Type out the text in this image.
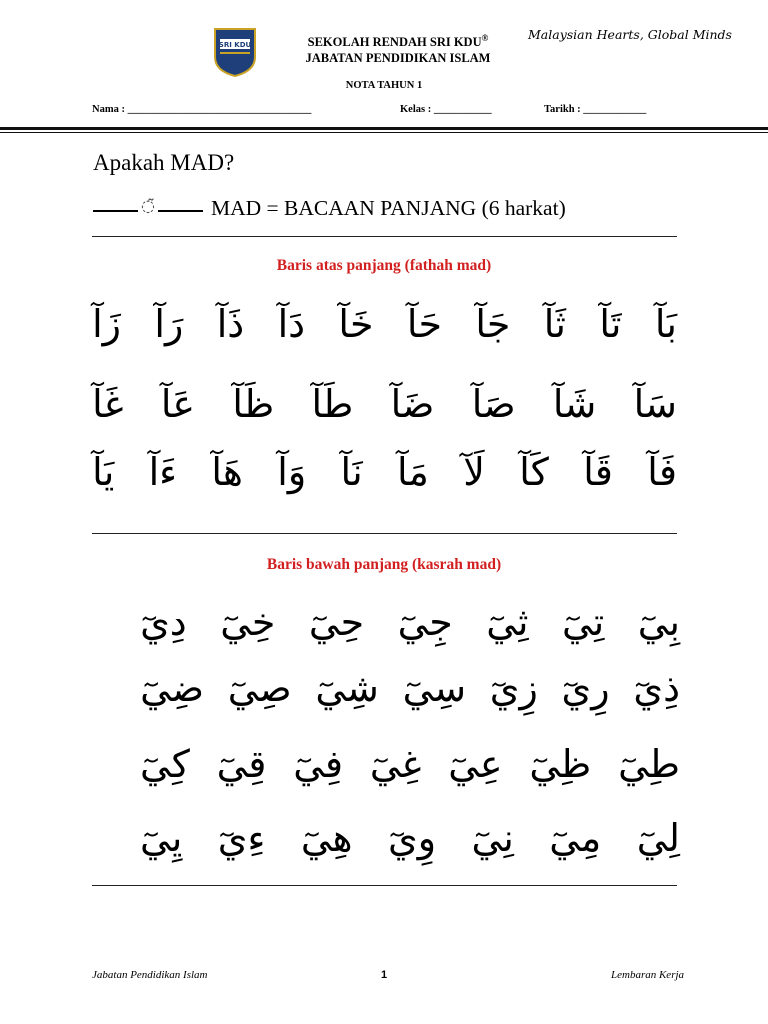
SRI KDU	SEKOLAH RENDAH SRI KDU®
JABATAN PENDIDIKAN ISLAM
Malaysian Hearts, Global Minds
NOTA TAHUN 1
Nama : ___________________________________	Kelas : ___________	Tarikh : ____________
Apakah MAD?
◌̃	MAD = BACAAN PANJANG (6 harkat)
Baris atas panjang (fathah mad)
بَآ
تَآ
ثَآ
جَآ
حَآ
خَآ
دَآ
ذَآ
رَآ
زَآ
سَآ
شَآ
صَآ
ضَآ
طَآ
ظَآ
عَآ
غَآ
فَآ
قَآ
كَآ
لَآ
مَآ
نَآ
وَآ
هَآ
ءَآ
يَآ
Baris bawah panjang (kasrah mad)
بِيٓ
تِيٓ
ثِيٓ
جِيٓ
حِيٓ
خِيٓ
دِيٓ
ذِيٓ
رِيٓ
زِيٓ
سِيٓ
شِيٓ
صِيٓ
ضِيٓ
طِيٓ
ظِيٓ
عِيٓ
غِيٓ
فِيٓ
قِيٓ
كِيٓ
لِيٓ
مِيٓ
نِيٓ
وِيٓ
هِيٓ
ءِيٓ
يِيٓ
Jabatan Pendidikan Islam	1	Lembaran Kerja
